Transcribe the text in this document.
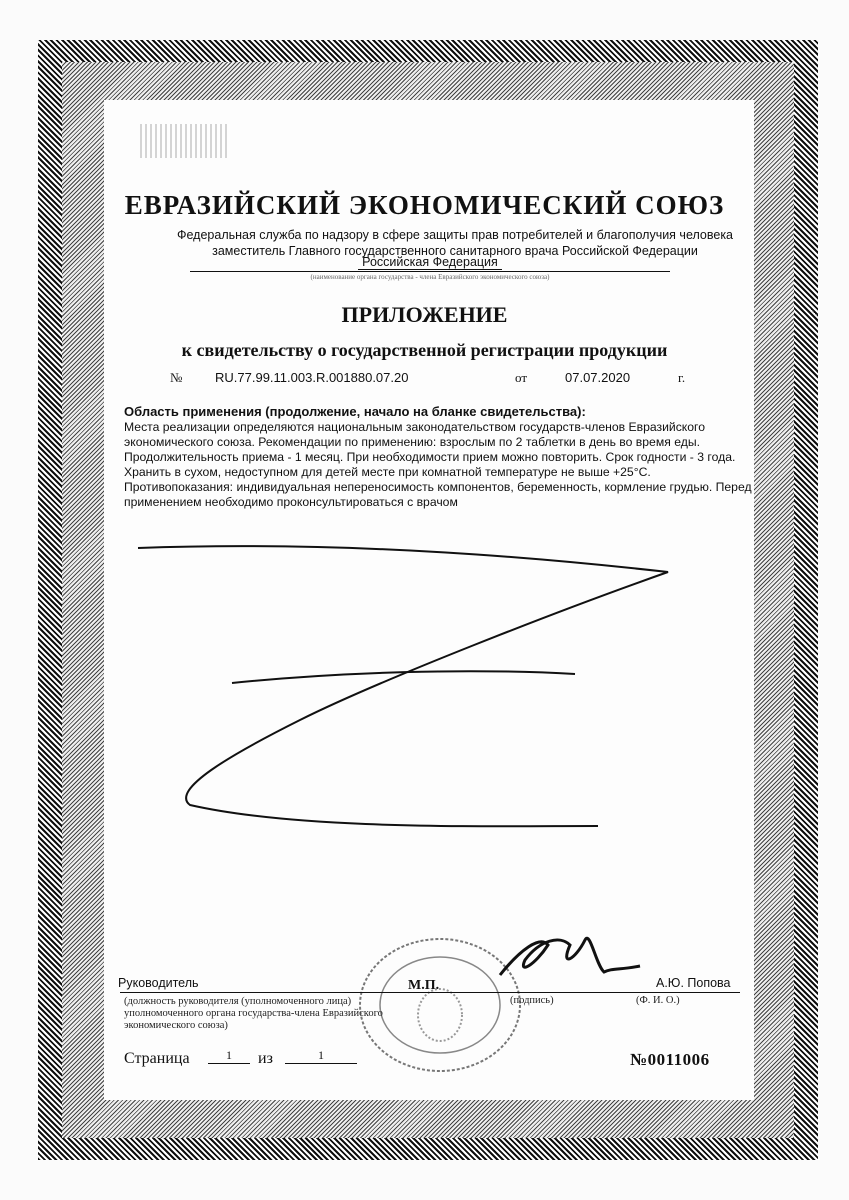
ЕВРАЗИЙСКИЙ ЭКОНОМИЧЕСКИЙ СОЮЗ
Федеральная служба по надзору в сфере защиты прав потребителей и благополучия человека
заместитель Главного государственного санитарного врача Российской Федерации
Российская Федерация
(наименование органа государства - члена Евразийского экономического союза)
ПРИЛОЖЕНИЕ
к свидетельству о государственной регистрации продукции
№	RU.77.99.11.003.R.001880.07.20	от	07.07.2020	г.
Область применения (продолжение, начало на бланке свидетельства):
Места реализации определяются национальным законодательством государств-членов Евразийского экономического союза. Рекомендации по применению: взрослым по 2 таблетки в день во время еды. Продолжительность приема - 1 месяц. При необходимости прием можно повторить. Срок годности - 3 года. Хранить в сухом, недоступном для детей месте при комнатной температуре не выше +25°С. Противопоказания: индивидуальная непереносимость компонентов, беременность, кормление грудью. Перед применением необходимо проконсультироваться с врачом
М.П.
Руководитель	А.Ю. Попова
(должность руководителя (уполномоченного лица) уполномоченного органа государства-члена Евразийского экономического союза)
(подпись)	(Ф. И. О.)
Страница	1	из	1	№0011006
